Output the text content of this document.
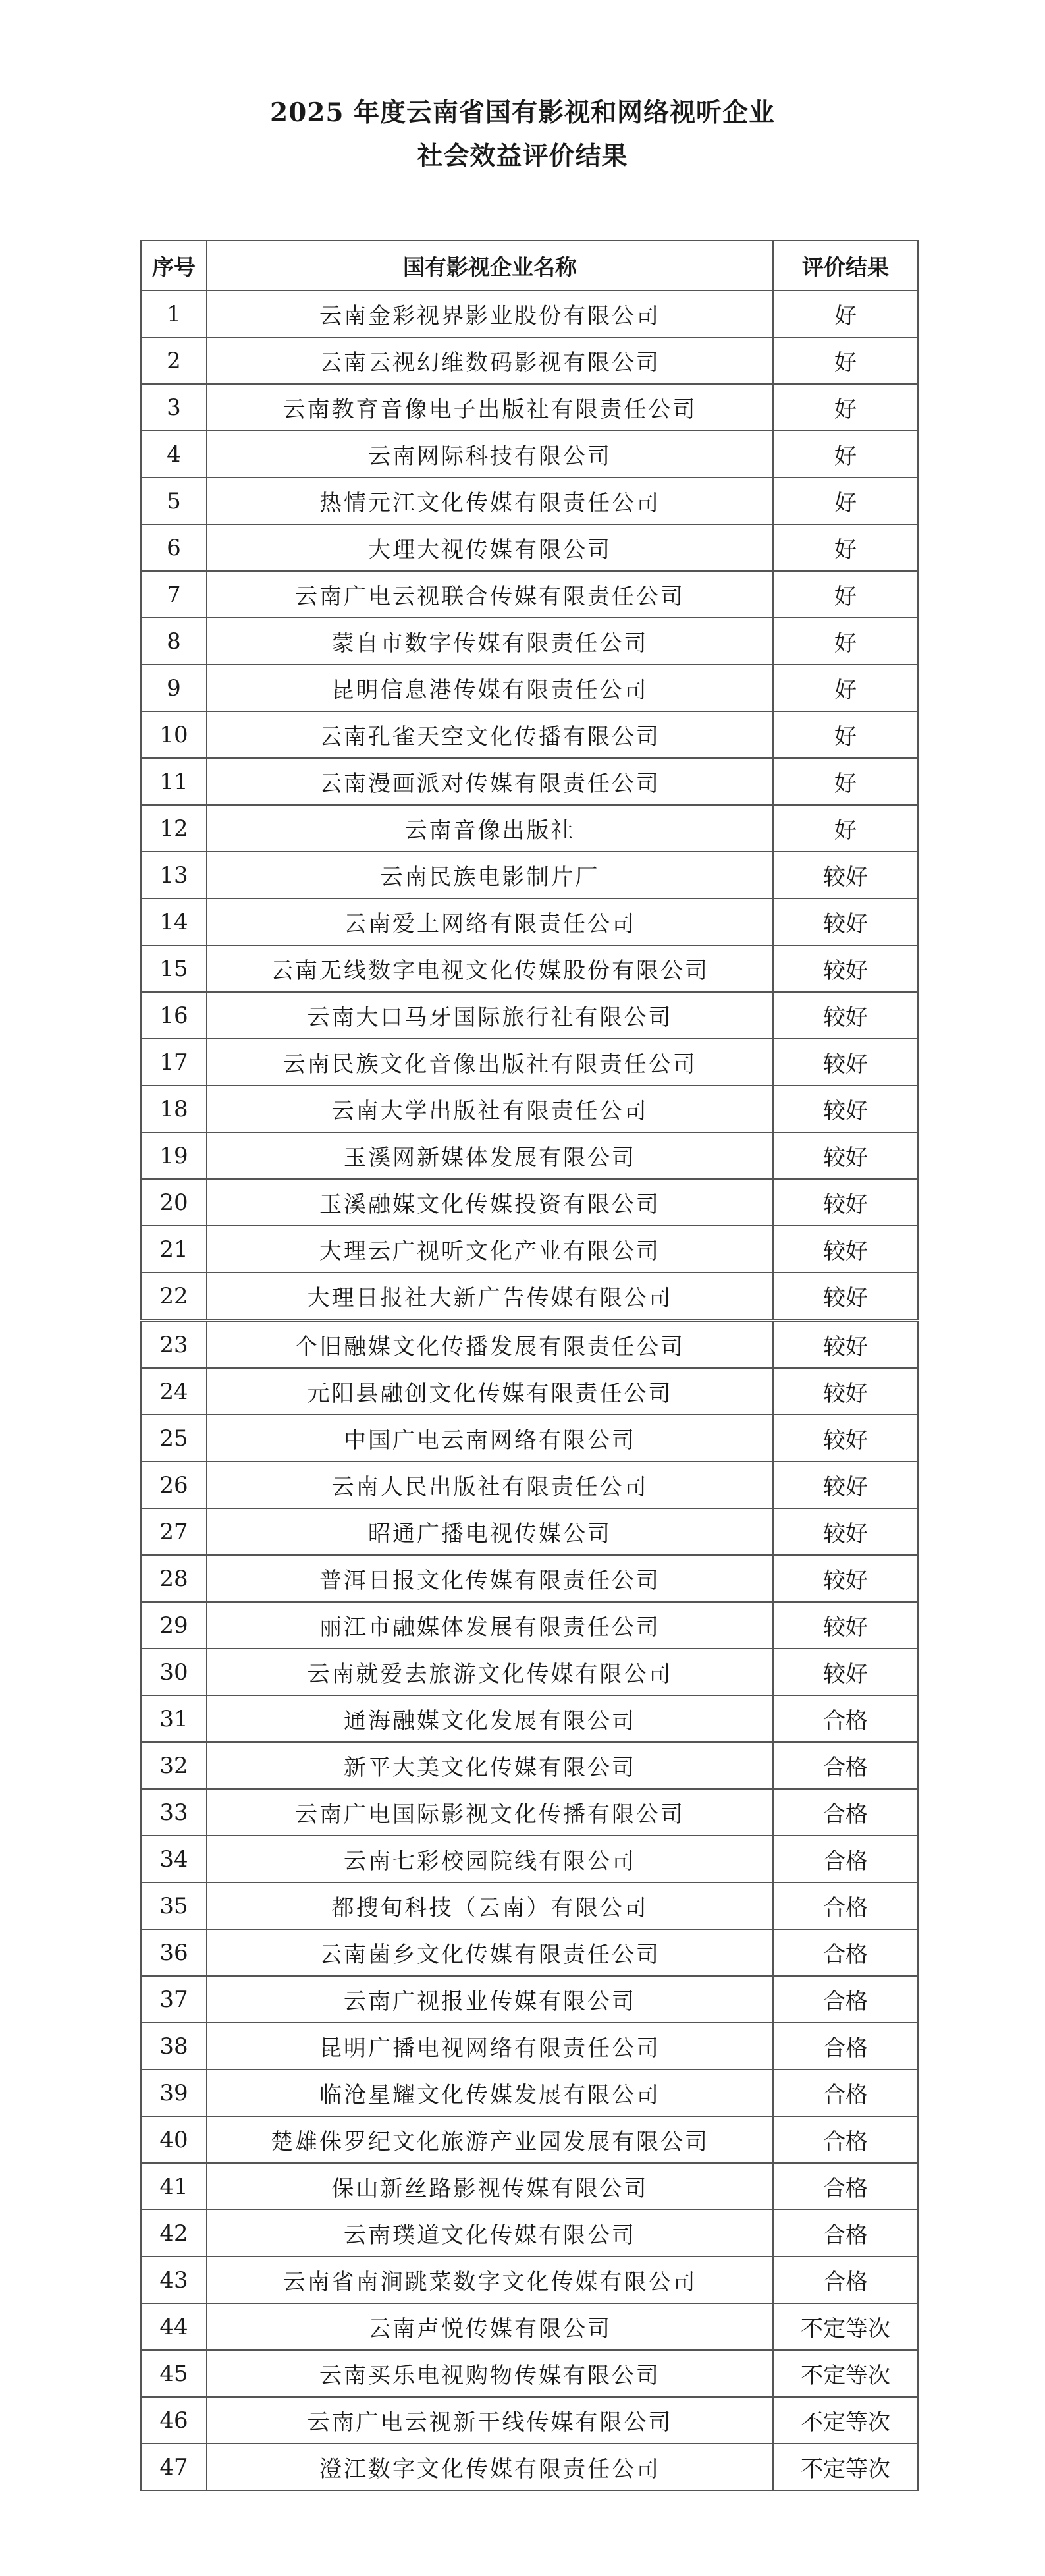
2025 年度云南省国有影视和网络视听企业
社会效益评价结果
序号	国有影视企业名称	评价结果
1	云南金彩视界影业股份有限公司	好
2	云南云视幻维数码影视有限公司	好
3	云南教育音像电子出版社有限责任公司	好
4	云南网际科技有限公司	好
5	热情元江文化传媒有限责任公司	好
6	大理大视传媒有限公司	好
7	云南广电云视联合传媒有限责任公司	好
8	蒙自市数字传媒有限责任公司	好
9	昆明信息港传媒有限责任公司	好
10	云南孔雀天空文化传播有限公司	好
11	云南漫画派对传媒有限责任公司	好
12	云南音像出版社	好
13	云南民族电影制片厂	较好
14	云南爱上网络有限责任公司	较好
15	云南无线数字电视文化传媒股份有限公司	较好
16	云南大口马牙国际旅行社有限公司	较好
17	云南民族文化音像出版社有限责任公司	较好
18	云南大学出版社有限责任公司	较好
19	玉溪网新媒体发展有限公司	较好
20	玉溪融媒文化传媒投资有限公司	较好
21	大理云广视听文化产业有限公司	较好
22	大理日报社大新广告传媒有限公司	较好
23	个旧融媒文化传播发展有限责任公司	较好
24	元阳县融创文化传媒有限责任公司	较好
25	中国广电云南网络有限公司	较好
26	云南人民出版社有限责任公司	较好
27	昭通广播电视传媒公司	较好
28	普洱日报文化传媒有限责任公司	较好
29	丽江市融媒体发展有限责任公司	较好
30	云南就爱去旅游文化传媒有限公司	较好
31	通海融媒文化发展有限公司	合格
32	新平大美文化传媒有限公司	合格
33	云南广电国际影视文化传播有限公司	合格
34	云南七彩校园院线有限公司	合格
35	都搜旬科技（云南）有限公司	合格
36	云南菌乡文化传媒有限责任公司	合格
37	云南广视报业传媒有限公司	合格
38	昆明广播电视网络有限责任公司	合格
39	临沧星耀文化传媒发展有限公司	合格
40	楚雄侏罗纪文化旅游产业园发展有限公司	合格
41	保山新丝路影视传媒有限公司	合格
42	云南璞道文化传媒有限公司	合格
43	云南省南涧跳菜数字文化传媒有限公司	合格
44	云南声悦传媒有限公司	不定等次
45	云南买乐电视购物传媒有限公司	不定等次
46	云南广电云视新干线传媒有限公司	不定等次
47	澄江数字文化传媒有限责任公司	不定等次
